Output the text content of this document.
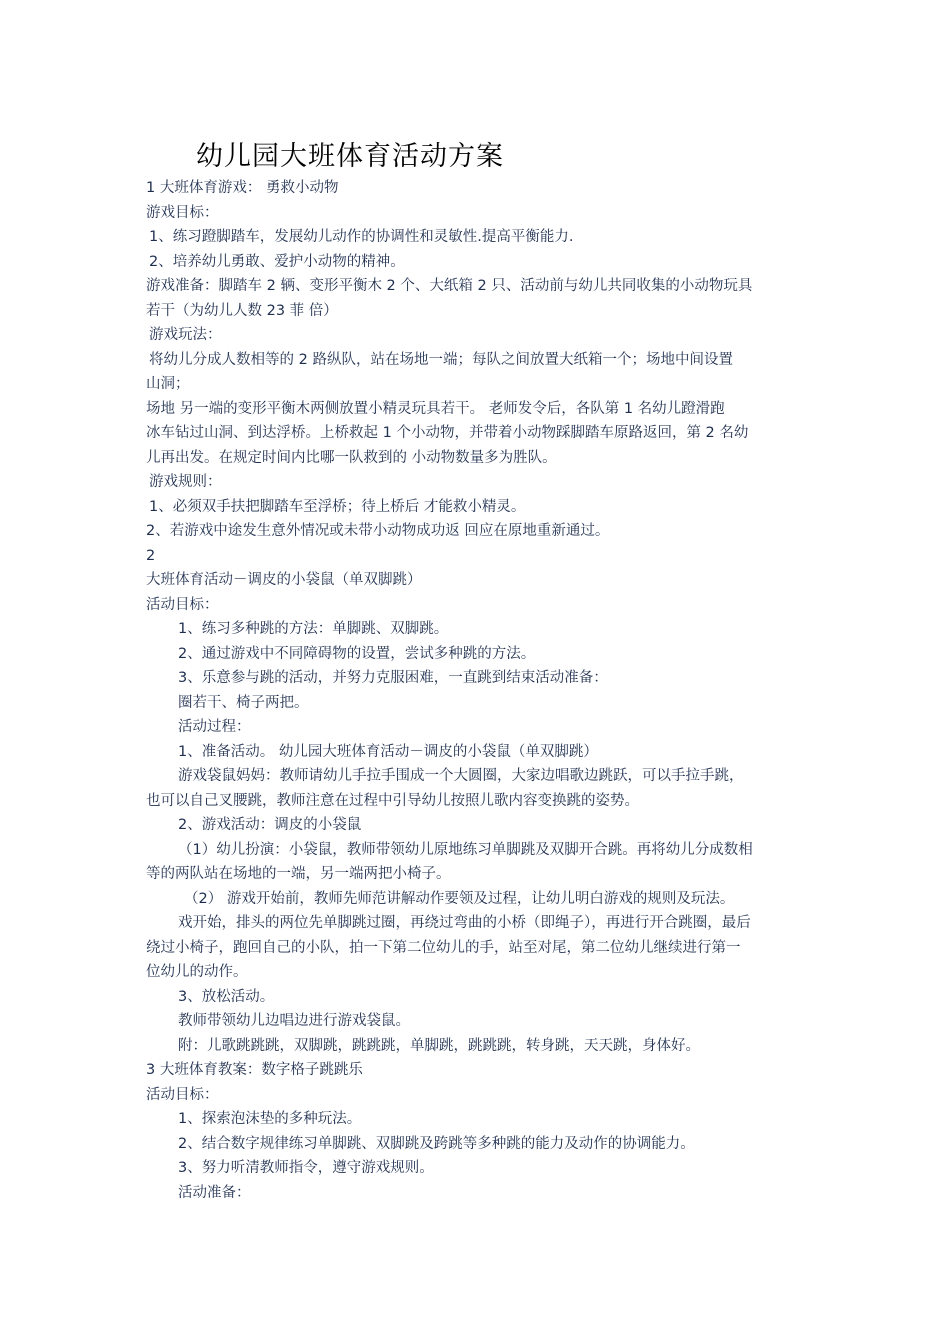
幼儿园大班体育活动方案
1 大班体育游戏： 勇救小动物
游戏目标：
1、练习蹬脚踏车，发展幼儿动作的协调性和灵敏性.提高平衡能力.
2、培养幼儿勇敢、爱护小动物的精神。
游戏准备：脚踏车 2 辆、变形平衡木 2 个、大纸箱 2 只、活动前与幼儿共同收集的小动物玩具
若干（为幼儿人数 23 菲 倍）
游戏玩法：
将幼儿分成人数相等的 2 路纵队，站在场地一端；每队之间放置大纸箱一个；场地中间设置
山洞；
场地 另一端的变形平衡木两侧放置小精灵玩具若干。 老师发令后，各队第 1 名幼儿蹬滑跑
冰车钻过山洞、到达浮桥。上桥救起 1 个小动物，并带着小动物踩脚踏车原路返回，第 2 名幼
儿再出发。在规定时间内比哪一队救到的 小动物数量多为胜队。
游戏规则：
1、必须双手扶把脚踏车至浮桥；待上桥后 才能救小精灵。
2、若游戏中途发生意外情况或未带小动物成功返 回应在原地重新通过。
2
大班体育活动－调皮的小袋鼠（单双脚跳）
活动目标：
1、练习多种跳的方法：单脚跳、双脚跳。
2、通过游戏中不同障碍物的设置，尝试多种跳的方法。
3、乐意参与跳的活动，并努力克服困难，一直跳到结束活动准备：
圈若干、椅子两把。
活动过程：
1、准备活动。 幼儿园大班体育活动－调皮的小袋鼠（单双脚跳）
游戏袋鼠妈妈：教师请幼儿手拉手围成一个大圆圈，大家边唱歌边跳跃，可以手拉手跳，
也可以自己叉腰跳，教师注意在过程中引导幼儿按照儿歌内容变换跳的姿势。
2、游戏活动：调皮的小袋鼠
（1）幼儿扮演：小袋鼠，教师带领幼儿原地练习单脚跳及双脚开合跳。再将幼儿分成数相
等的两队站在场地的一端，另一端两把小椅子。
（2） 游戏开始前，教师先师范讲解动作要领及过程，让幼儿明白游戏的规则及玩法。
戏开始，排头的两位先单脚跳过圈，再绕过弯曲的小桥（即绳子），再进行开合跳圈，最后
绕过小椅子，跑回自己的小队，拍一下第二位幼儿的手，站至对尾，第二位幼儿继续进行第一
位幼儿的动作。
3、放松活动。
教师带领幼儿边唱边进行游戏袋鼠。
附：儿歌跳跳跳，双脚跳，跳跳跳，单脚跳，跳跳跳，转身跳，天天跳，身体好。
3 大班体育教案：数字格子跳跳乐
活动目标：
1、探索泡沫垫的多种玩法。
2、结合数字规律练习单脚跳、双脚跳及跨跳等多种跳的能力及动作的协调能力。
3、努力听清教师指令，遵守游戏规则。
活动准备：
